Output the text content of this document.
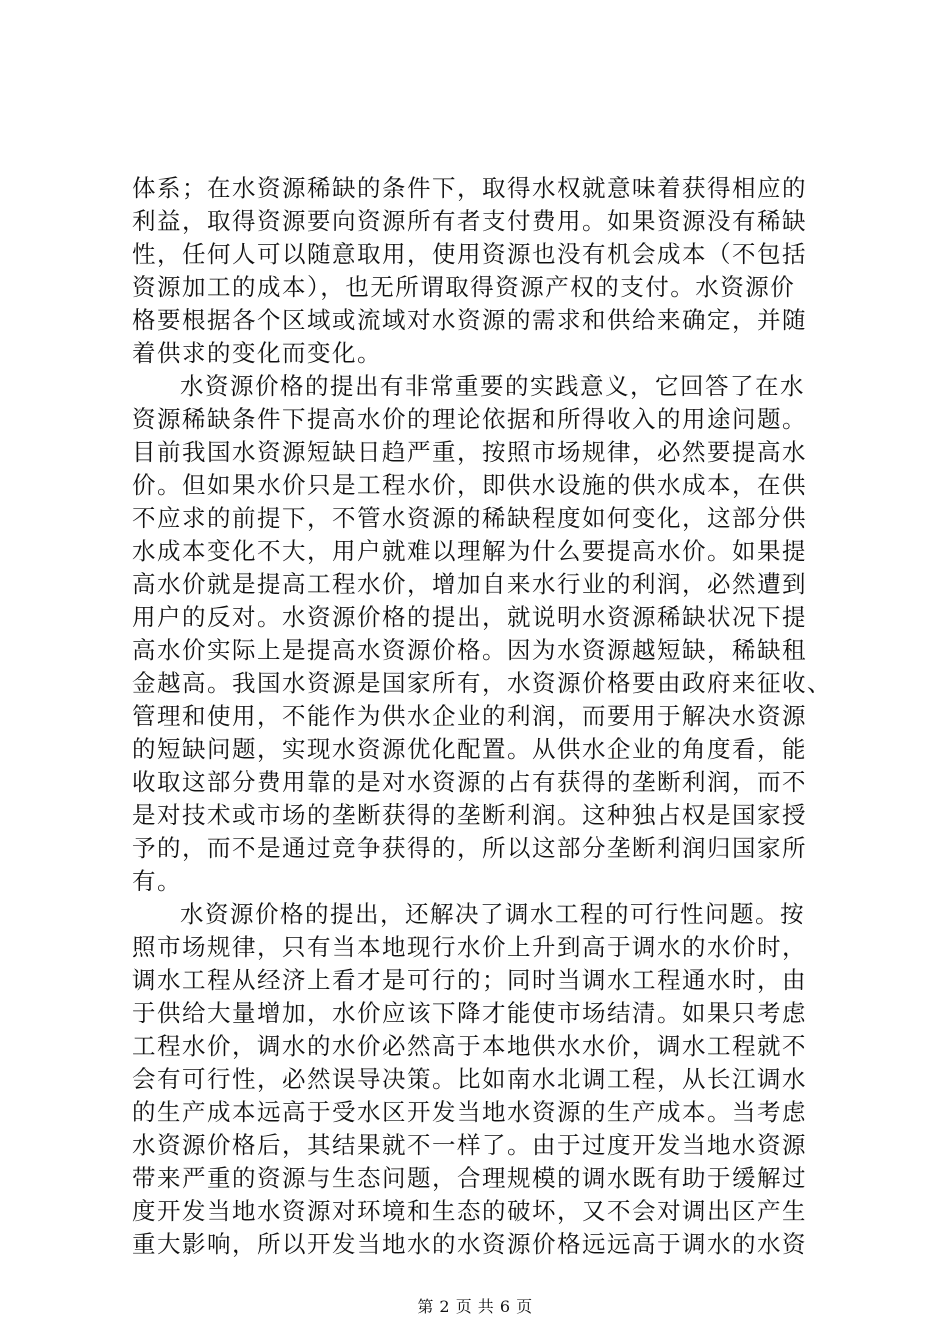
体系；在水资源稀缺的条件下，取得水权就意味着获得相应的
利益，取得资源要向资源所有者支付费用。如果资源没有稀缺
性，任何人可以随意取用，使用资源也没有机会成本（不包括
资源加工的成本），也无所谓取得资源产权的支付。水资源价
格要根据各个区域或流域对水资源的需求和供给来确定，并随
着供求的变化而变化。
水资源价格的提出有非常重要的实践意义，它回答了在水
资源稀缺条件下提高水价的理论依据和所得收入的用途问题。
目前我国水资源短缺日趋严重，按照市场规律，必然要提高水
价。但如果水价只是工程水价，即供水设施的供水成本，在供
不应求的前提下，不管水资源的稀缺程度如何变化，这部分供
水成本变化不大，用户就难以理解为什么要提高水价。如果提
高水价就是提高工程水价，增加自来水行业的利润，必然遭到
用户的反对。水资源价格的提出，就说明水资源稀缺状况下提
高水价实际上是提高水资源价格。因为水资源越短缺，稀缺租
金越高。我国水资源是国家所有，水资源价格要由政府来征收、
管理和使用，不能作为供水企业的利润，而要用于解决水资源
的短缺问题，实现水资源优化配置。从供水企业的角度看，能
收取这部分费用靠的是对水资源的占有获得的垄断利润，而不
是对技术或市场的垄断获得的垄断利润。这种独占权是国家授
予的，而不是通过竞争获得的，所以这部分垄断利润归国家所
有。
水资源价格的提出，还解决了调水工程的可行性问题。按
照市场规律，只有当本地现行水价上升到高于调水的水价时，
调水工程从经济上看才是可行的；同时当调水工程通水时，由
于供给大量增加，水价应该下降才能使市场结清。如果只考虑
工程水价，调水的水价必然高于本地供水水价，调水工程就不
会有可行性，必然误导决策。比如南水北调工程，从长江调水
的生产成本远高于受水区开发当地水资源的生产成本。当考虑
水资源价格后，其结果就不一样了。由于过度开发当地水资源
带来严重的资源与生态问题，合理规模的调水既有助于缓解过
度开发当地水资源对环境和生态的破坏，又不会对调出区产生
重大影响，所以开发当地水的水资源价格远远高于调水的水资
第 2 页 共 6 页
